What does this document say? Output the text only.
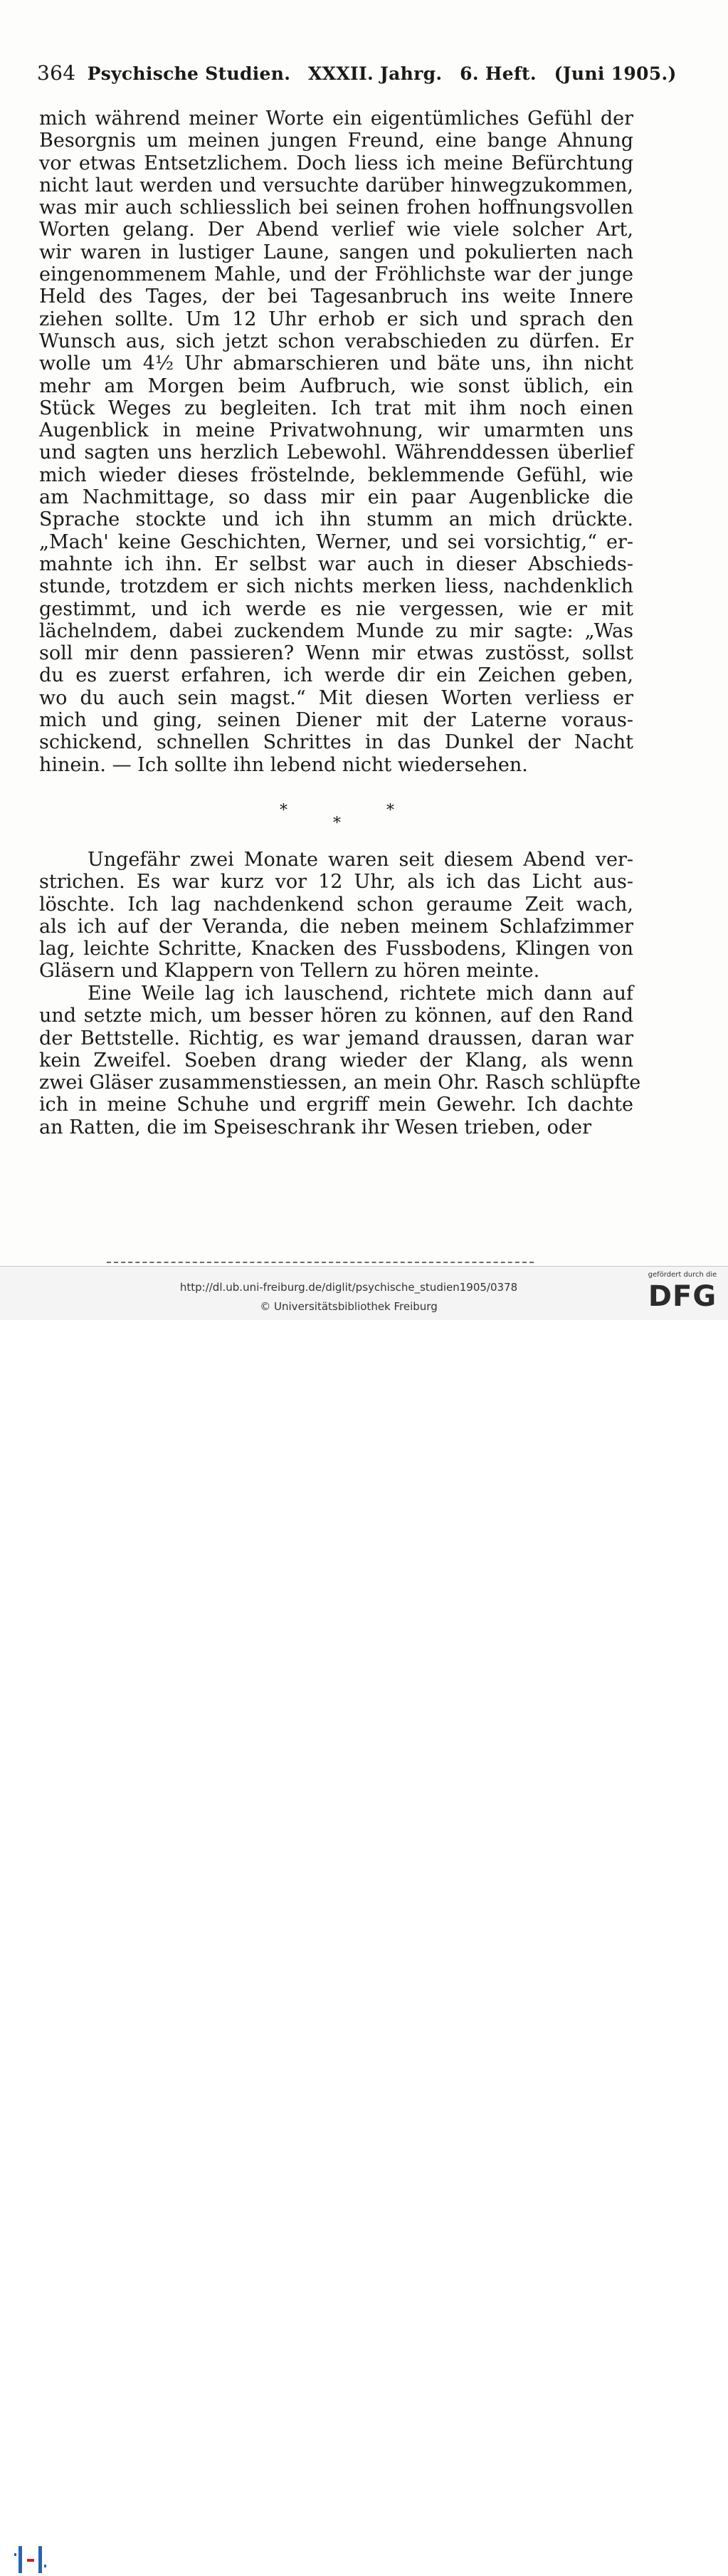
364 Psychische Studien. XXXII. Jahrg. 6. Heft. (Juni 1905.)
mich während meiner Worte ein eigentümliches Gefühl der
Besorgnis um meinen jungen Freund, eine bange Ahnung
vor etwas Entsetzlichem. Doch liess ich meine Befürchtung
nicht laut werden und versuchte darüber hinwegzukommen,
was mir auch schliesslich bei seinen frohen hoffnungsvollen
Worten gelang. Der Abend verlief wie viele solcher Art,
wir waren in lustiger Laune, sangen und pokulierten nach
eingenommenem Mahle, und der Fröhlichste war der junge
Held des Tages, der bei Tagesanbruch ins weite Innere
ziehen sollte. Um 12 Uhr erhob er sich und sprach den
Wunsch aus, sich jetzt schon verabschieden zu dürfen. Er
wolle um 4½ Uhr abmarschieren und bäte uns, ihn nicht
mehr am Morgen beim Aufbruch, wie sonst üblich, ein
Stück Weges zu begleiten. Ich trat mit ihm noch einen
Augenblick in meine Privatwohnung, wir umarmten uns
und sagten uns herzlich Lebewohl. Währenddessen überlief
mich wieder dieses fröstelnde, beklemmende Gefühl, wie
am Nachmittage, so dass mir ein paar Augenblicke die
Sprache stockte und ich ihn stumm an mich drückte.
„Mach' keine Geschichten, Werner, und sei vorsichtig,“ er-
mahnte ich ihn. Er selbst war auch in dieser Abschieds-
stunde, trotzdem er sich nichts merken liess, nachdenklich
gestimmt, und ich werde es nie vergessen, wie er mit
lächelndem, dabei zuckendem Munde zu mir sagte: „Was
soll mir denn passieren? Wenn mir etwas zustösst, sollst
du es zuerst erfahren, ich werde dir ein Zeichen geben,
wo du auch sein magst.“ Mit diesen Worten verliess er
mich und ging, seinen Diener mit der Laterne voraus-
schickend, schnellen Schrittes in das Dunkel der Nacht
hinein. — Ich sollte ihn lebend nicht wiedersehen.
*
*
*
Ungefähr zwei Monate waren seit diesem Abend ver-
strichen. Es war kurz vor 12 Uhr, als ich das Licht aus-
löschte. Ich lag nachdenkend schon geraume Zeit wach,
als ich auf der Veranda, die neben meinem Schlafzimmer
lag, leichte Schritte, Knacken des Fussbodens, Klingen von
Gläsern und Klappern von Tellern zu hören meinte.
Eine Weile lag ich lauschend, richtete mich dann auf
und setzte mich, um besser hören zu können, auf den Rand
der Bettstelle. Richtig, es war jemand draussen, daran war
kein Zweifel. Soeben drang wieder der Klang, als wenn
zwei Gläser zusammenstiessen, an mein Ohr. Rasch schlüpfte
ich in meine Schuhe und ergriff mein Gewehr. Ich dachte
an Ratten, die im Speiseschrank ihr Wesen trieben, oder
http://dl.ub.uni-freiburg.de/diglit/psychische_studien1905/0378
© Universitätsbibliothek Freiburg
gefördert durch die
DFG
